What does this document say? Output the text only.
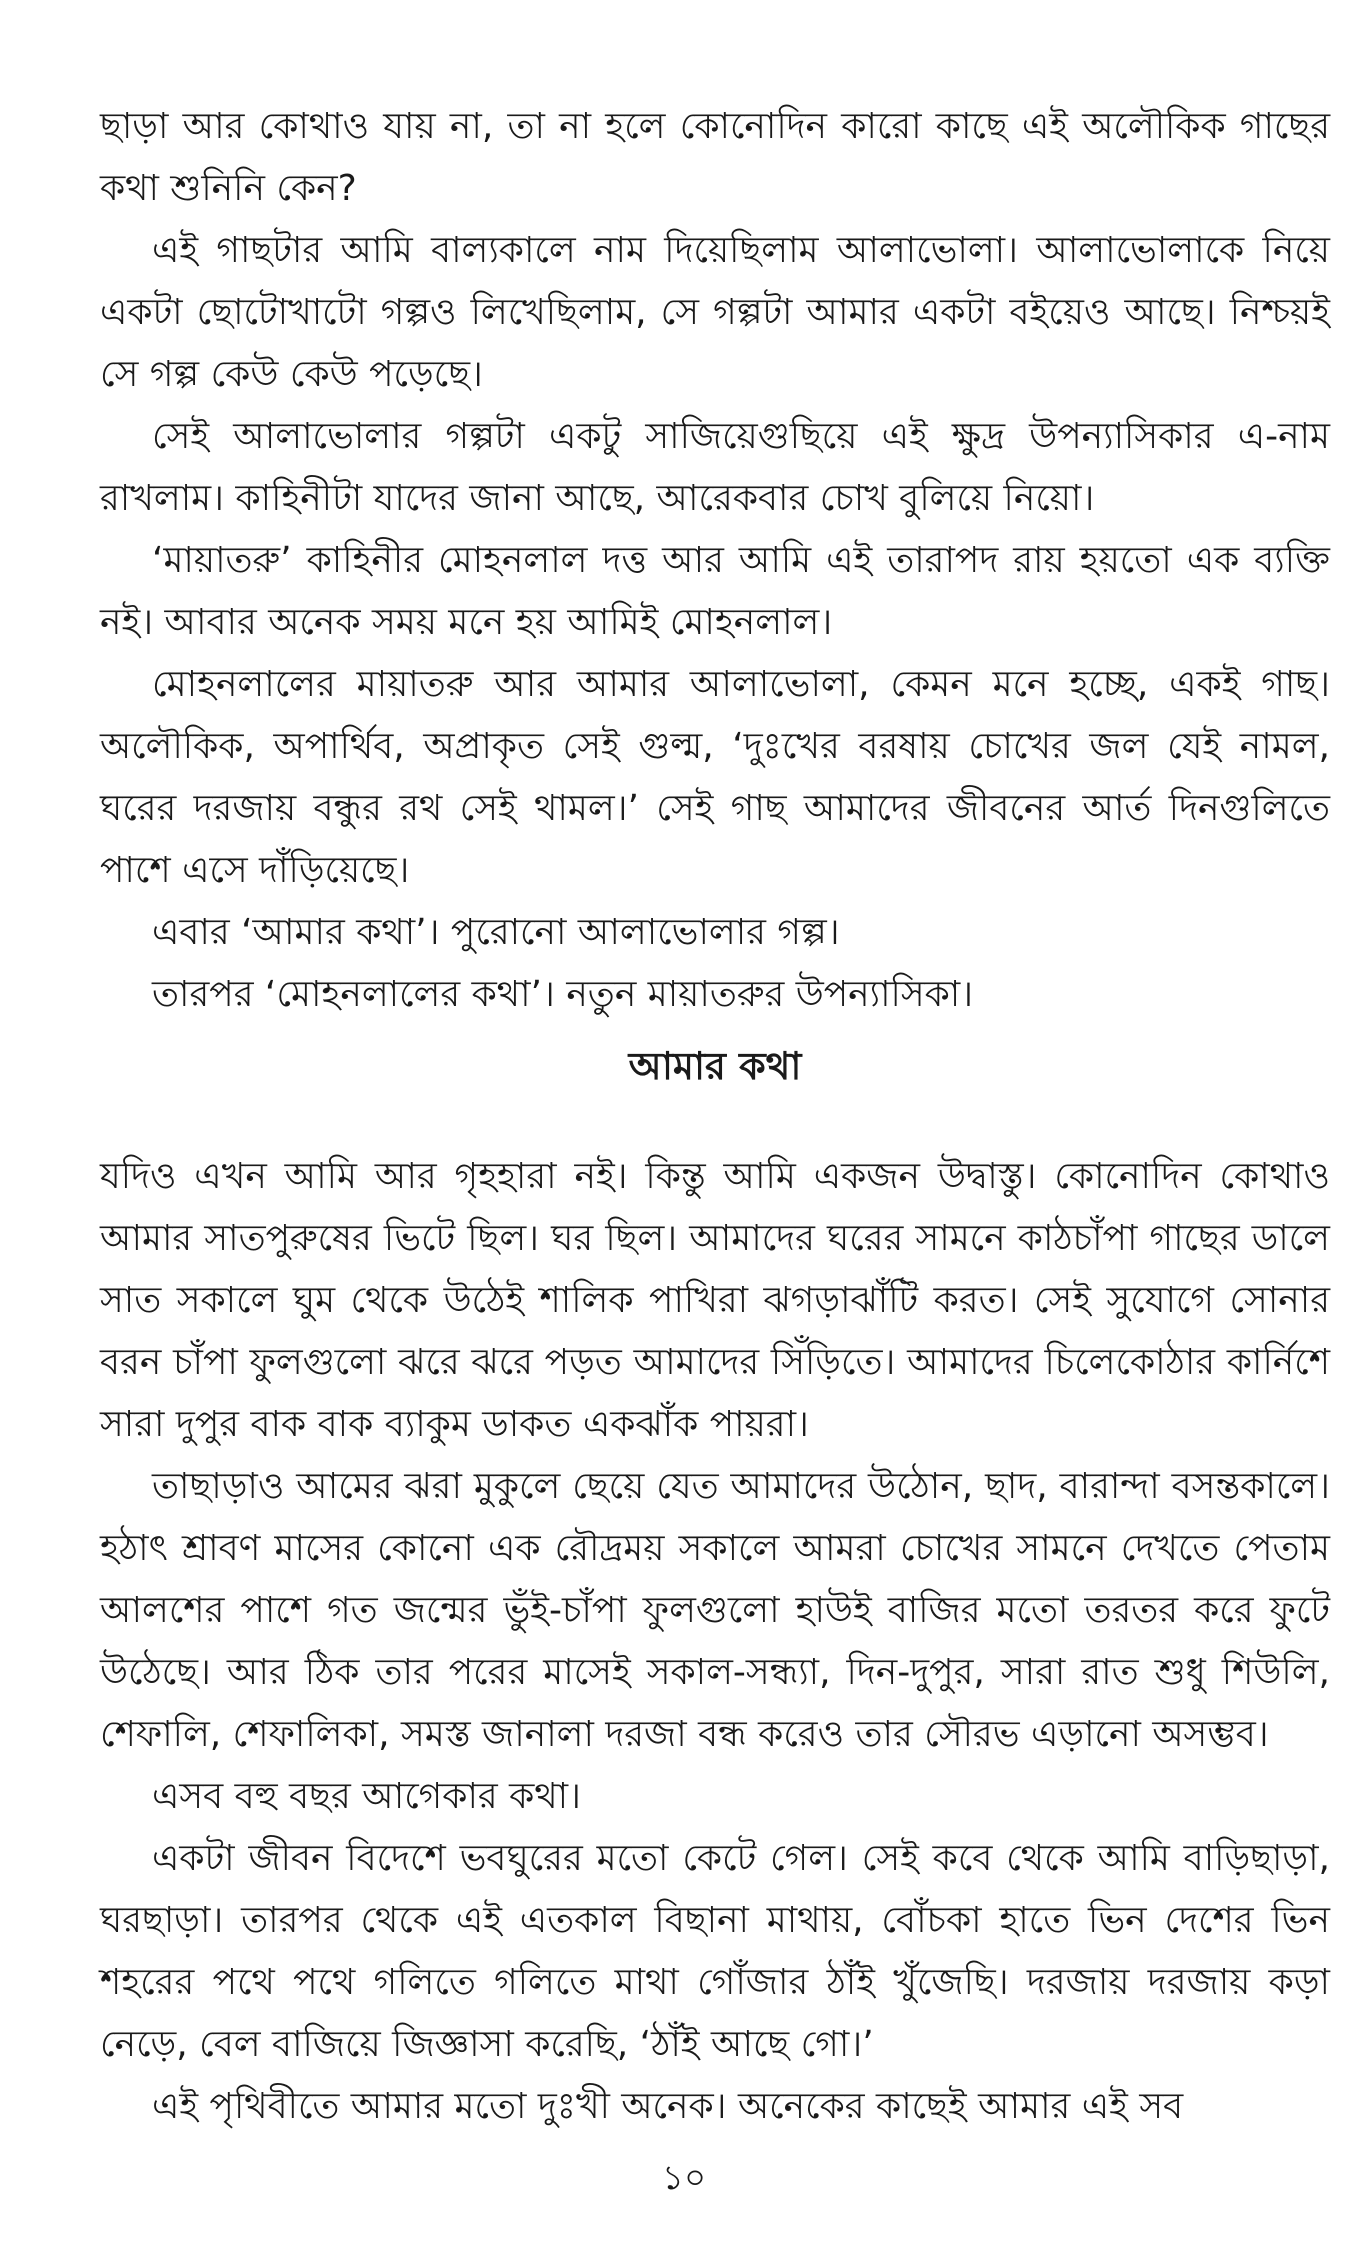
ছাড়া আর কোথাও যায় না, তা না হলে কোনোদিন কারো কাছে এই অলৌকিক গাছের কথা শুনিনি কেন?

এই গাছটার আমি বাল্যকালে নাম দিয়েছিলাম আলাভোলা। আলাভোলাকে নিয়ে একটা ছোটোখাটো গল্পও লিখেছিলাম, সে গল্পটা আমার একটা বইয়েও আছে। নিশ্চয়ই সে গল্প কেউ কেউ পড়েছে।

সেই আলাভোলার গল্পটা একটু সাজিয়েগুছিয়ে এই ক্ষুদ্র উপন্যাসিকার এ-নাম রাখলাম। কাহিনীটা যাদের জানা আছে, আরেকবার চোখ বুলিয়ে নিয়ো।

‘মায়াতরু’ কাহিনীর মোহনলাল দত্ত আর আমি এই তারাপদ রায় হয়তো এক ব্যক্তি নই। আবার অনেক সময় মনে হয় আমিই মোহনলাল।

মোহনলালের মায়াতরু আর আমার আলাভোলা, কেমন মনে হচ্ছে, একই গাছ। অলৌকিক, অপার্থিব, অপ্রাকৃত সেই গুল্ম, ‘দুঃখের বরষায় চোখের জল যেই নামল, ঘরের দরজায় বন্ধুর রথ সেই থামল।’ সেই গাছ আমাদের জীবনের আর্ত দিনগুলিতে পাশে এসে দাঁড়িয়েছে।

এবার ‘আমার কথা’। পুরোনো আলাভোলার গল্প।

তারপর ‘মোহনলালের কথা’। নতুন মায়াতরুর উপন্যাসিকা।

আমার কথা

যদিও এখন আমি আর গৃহহারা নই। কিন্তু আমি একজন উদ্বাস্তু। কোনোদিন কোথাও আমার সাতপুরুষের ভিটে ছিল। ঘর ছিল। আমাদের ঘরের সামনে কাঠচাঁপা গাছের ডালে সাত সকালে ঘুম থেকে উঠেই শালিক পাখিরা ঝগড়াঝাঁটি করত। সেই সুযোগে সোনার বরন চাঁপা ফুলগুলো ঝরে ঝরে পড়ত আমাদের সিঁড়িতে। আমাদের চিলেকোঠার কার্নিশে সারা দুপুর বাক বাক ব্যাকুম ডাকত একঝাঁক পায়রা।

তাছাড়াও আমের ঝরা মুকুলে ছেয়ে যেত আমাদের উঠোন, ছাদ, বারান্দা বসন্তকালে। হঠাৎ শ্রাবণ মাসের কোনো এক রৌদ্রময় সকালে আমরা চোখের সামনে দেখতে পেতাম আলশের পাশে গত জন্মের ভুঁই-চাঁপা ফুলগুলো হাউই বাজির মতো তরতর করে ফুটে উঠেছে। আর ঠিক তার পরের মাসেই সকাল-সন্ধ্যা, দিন-দুপুর, সারা রাত শুধু শিউলি, শেফালি, শেফালিকা, সমস্ত জানালা দরজা বন্ধ করেও তার সৌরভ এড়ানো অসম্ভব।

এসব বহু বছর আগেকার কথা।

একটা জীবন বিদেশে ভবঘুরের মতো কেটে গেল। সেই কবে থেকে আমি বাড়িছাড়া, ঘরছাড়া। তারপর থেকে এই এতকাল বিছানা মাথায়, বোঁচকা হাতে ভিন দেশের ভিন শহরের পথে পথে গলিতে গলিতে মাথা গোঁজার ঠাঁই খুঁজেছি। দরজায় দরজায় কড়া নেড়ে, বেল বাজিয়ে জিজ্ঞাসা করেছি, ‘ঠাঁই আছে গো।’

এই পৃথিবীতে আমার মতো দুঃখী অনেক। অনেকের কাছেই আমার এই সব

১০
